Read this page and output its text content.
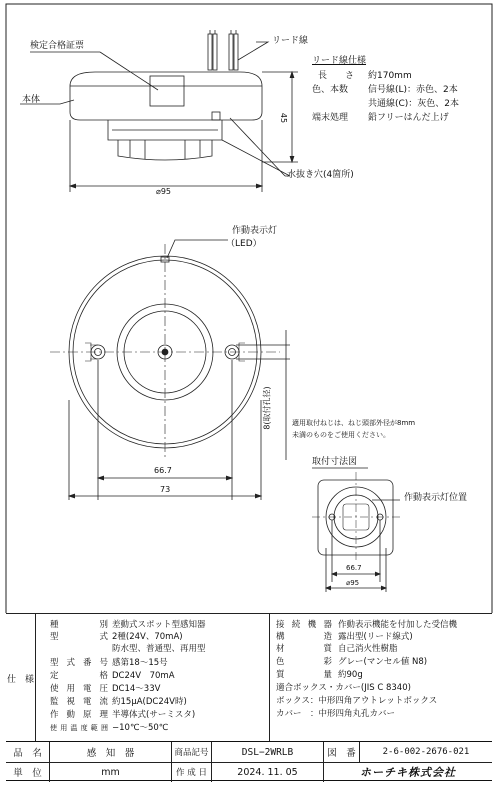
検定合格証票	リード線
本体
水抜き穴(4箇所)
45
⌀95
リード線仕様
長　　さ 約170mm
色、本数 信号線(L)：赤色、2本
共通線(C)：灰色、2本
端末処理 鉛フリーはんだ上げ
作動表示灯
（LED）
8(取付孔径)
66.7
73
適用取付ねじは、ねじ頭部外径が8mm
未満のものをご使用ください。
取付寸法図
作動表示灯位置
66.7
⌀95
仕　様
種　　別 差動式スポット型感知器
型　　式 2種(24V、70mA)
防水型、普通型、再用型
型式番号 感第18～15号
定　　格 DC24V　70mA
使用電圧 DC14～33V
監視電流 約15μA(DC24V時)
作動原理 半導体式(サーミスタ)
使用温度範囲 −10℃～50℃
接続機器 作動表示機能を付加した受信機
構　　造 露出型(リード線式)
材　　質 自己消火性樹脂
色　　彩 グレー(マンセル値 N8)
質　　量 約90g
適合ボックス・カバー(JIS C 8340)
ボックス：中形四角アウトレットボックス
カバー　：中形四角丸孔カバー
品　名	感　知　器	商品記号	DSL−2WRLB	図　番	2-6-002-2676-021
単　位	mm	作 成 日	2024. 11. 05	ホーチキ株式会社
